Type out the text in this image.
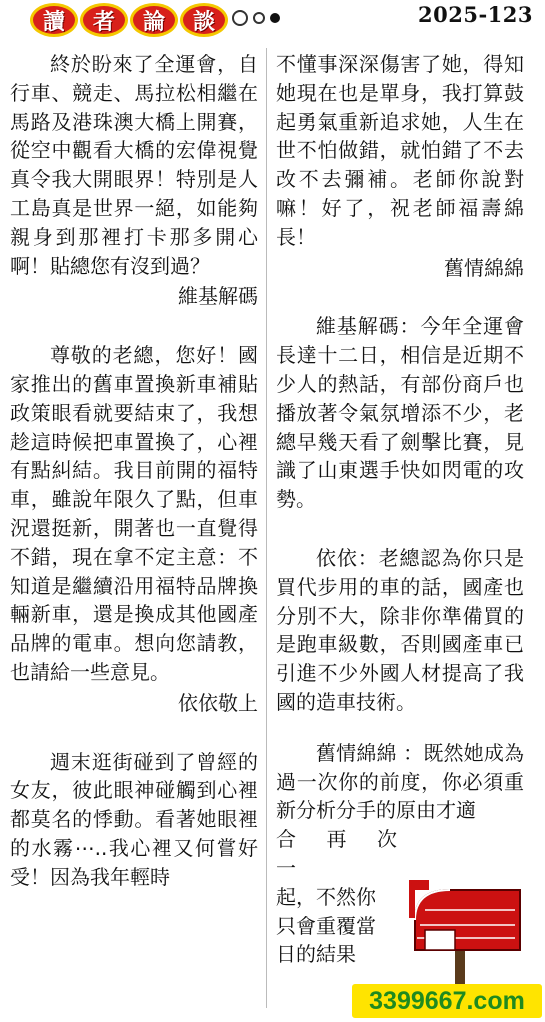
讀	者	論	談	2025-123

終於盼來了全運會，自行車、競走、馬拉松相繼在馬路及港珠澳大橋上開賽，從空中觀看大橋的宏偉視覺真令我大開眼界！特別是人工島真是世界一絕，如能夠親身到那裡打卡那多開心啊！貼總您有沒到過？

維基解碼

尊敬的老總，您好！國家推出的舊車置換新車補貼政策眼看就要結束了，我想趁這時候把車置換了，心裡有點糾結。我目前開的福特車，雖說年限久了點，但車況還挺新，開著也一直覺得不錯，現在拿不定主意：不知道是繼續沿用福特品牌換輛新車，還是換成其他國產品牌的電車。想向您請教，也請給一些意見。

依依敬上

週末逛街碰到了曾經的女友，彼此眼神碰觸到心裡都莫名的悸動。看著她眼裡的水霧⋯..我心裡又何嘗好受！因為我年輕時

不懂事深深傷害了她，得知她現在也是單身，我打算鼓起勇氣重新追求她，人生在世不怕做錯，就怕錯了不去改不去彌補。老師你說對嘛！好了，祝老師福壽綿長！

舊情綿綿

維基解碼：今年全運會長達十二日，相信是近期不少人的熱話，有部份商戶也播放著令氣氛增添不少，老總早幾天看了劍擊比賽，見識了山東選手快如閃電的攻勢。

依依：老總認為你只是買代步用的車的話，國產也分別不大，除非你準備買的是跑車級數，否則國產車已引進不少外國人材提高了我國的造車技術。

舊情綿綿 ：既然她成為過一次你的前度，你必須重新分析分手的原由才適

合 再 次 一

起，不然你

只會重覆當

日的結果

3399667.com
